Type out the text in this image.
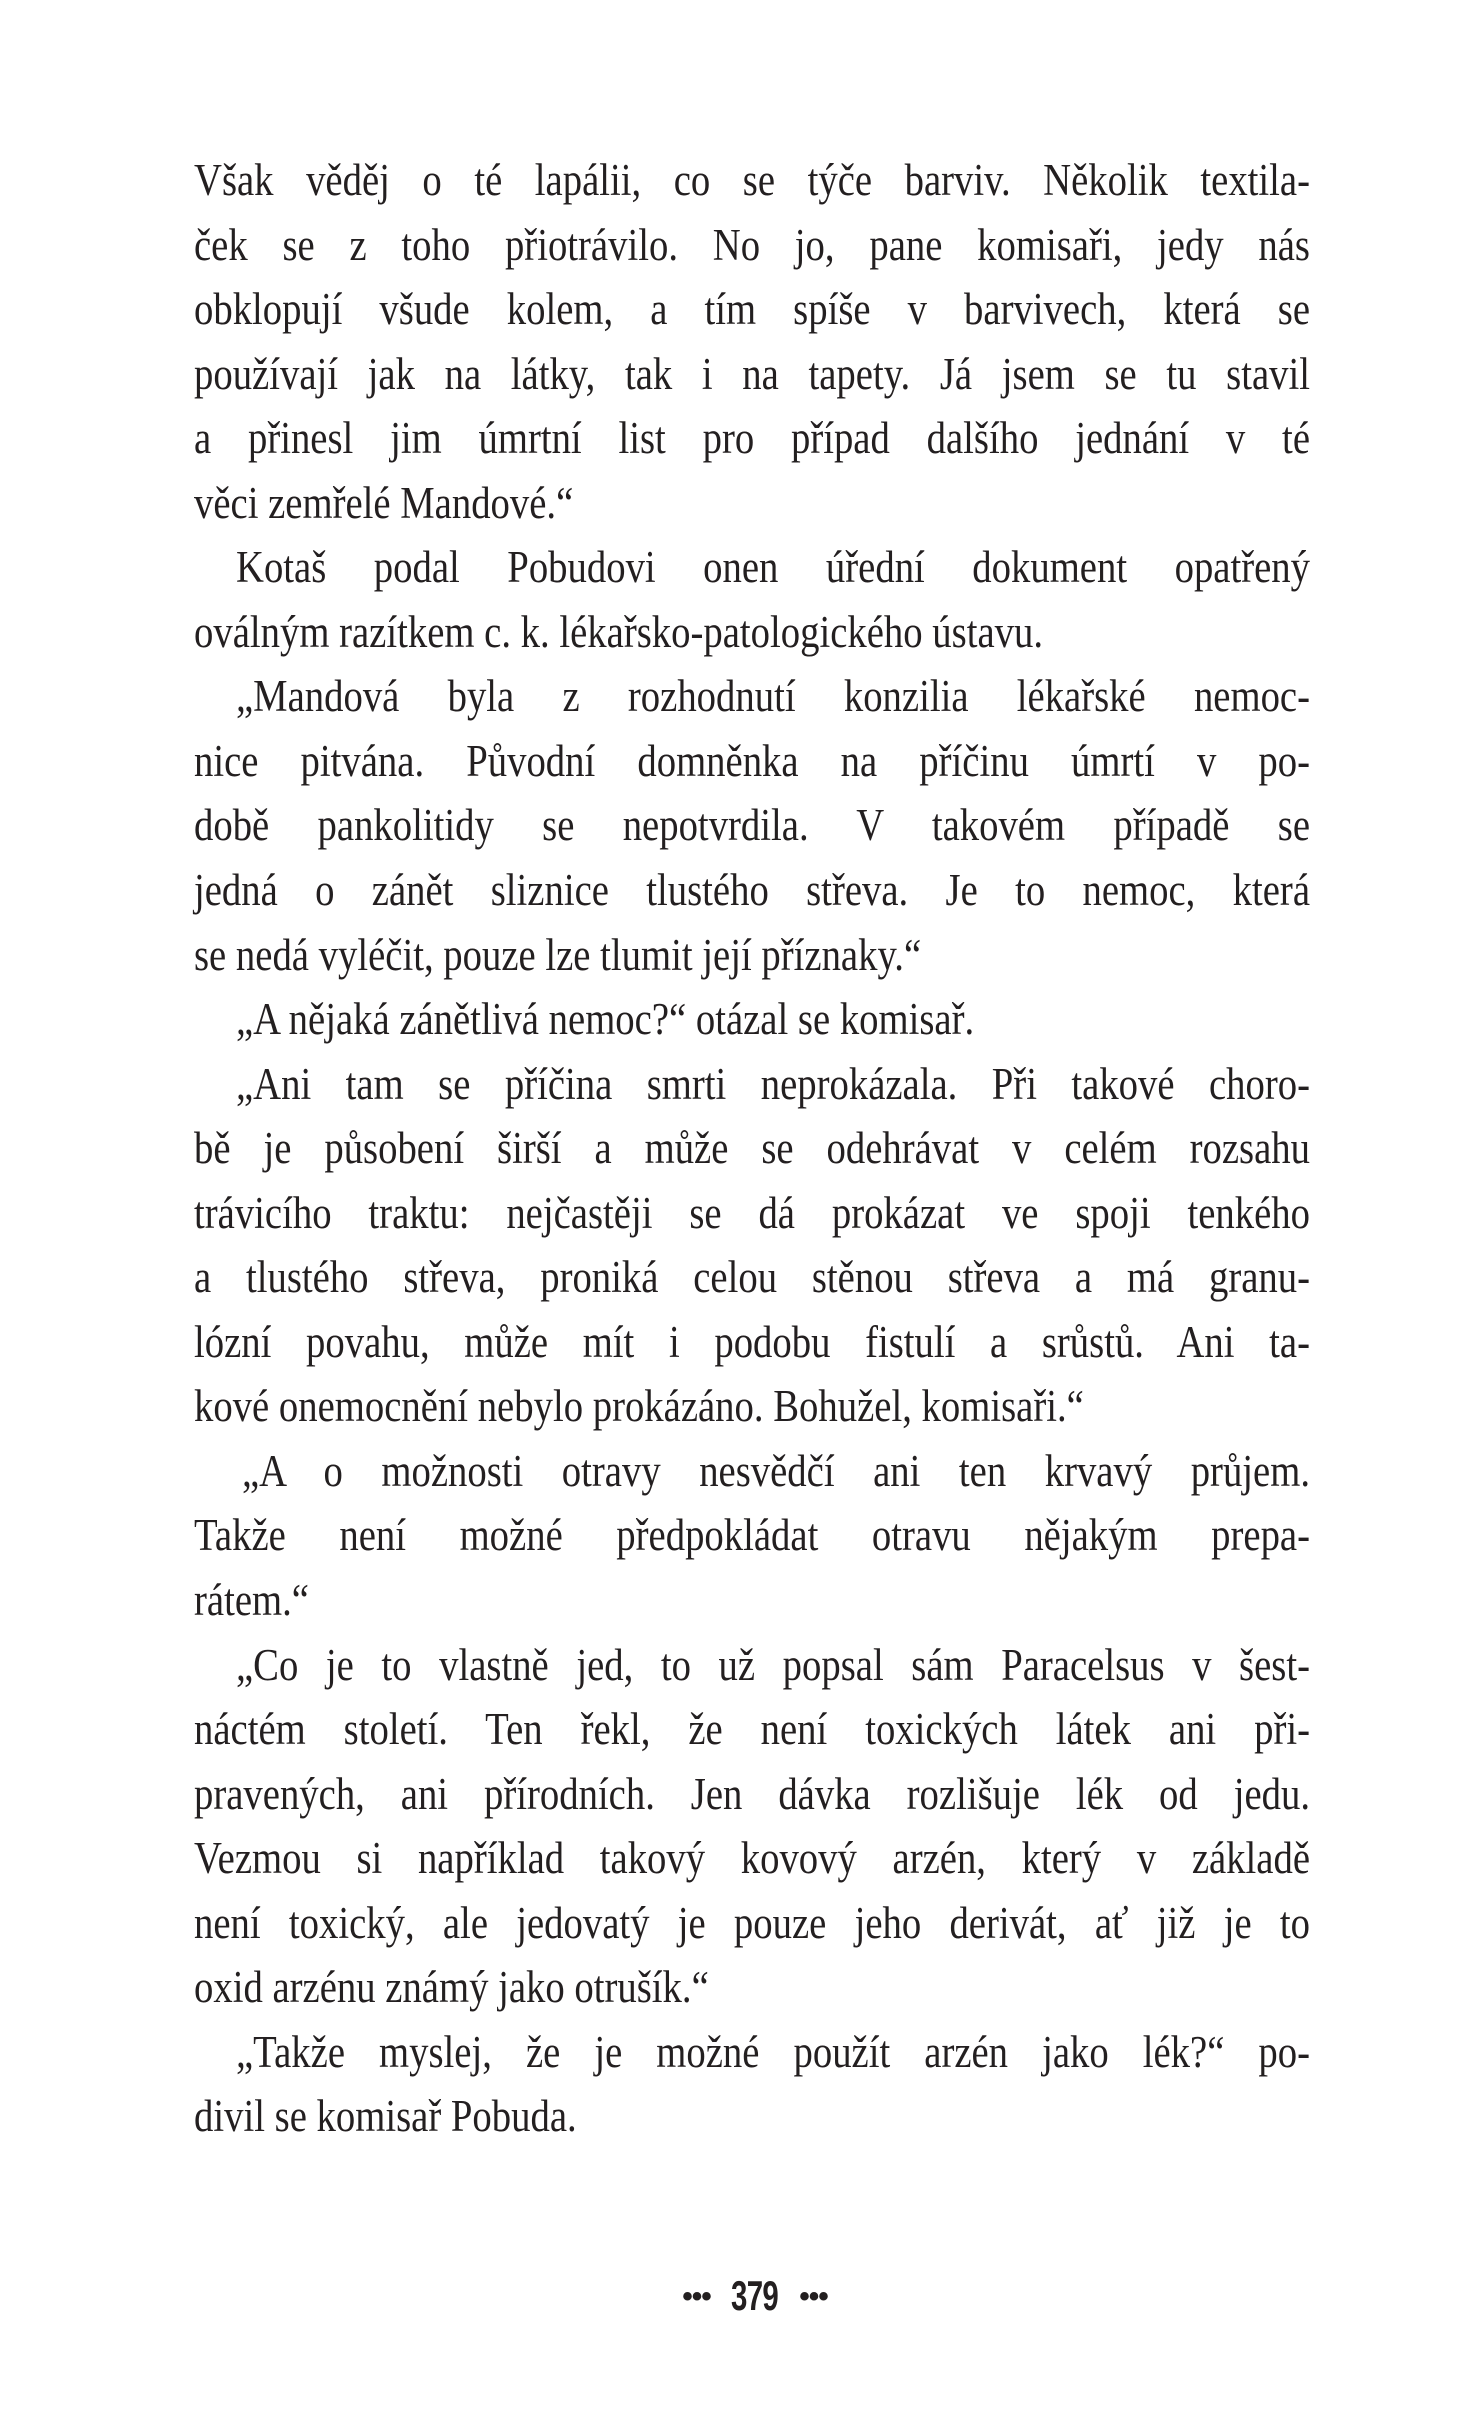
Však věděj o té lapálii, co se týče barviv. Několik textila-
ček se z toho přiotrávilo. No jo, pane komisaři, jedy nás
obklopují všude kolem, a tím spíše v barvivech, která se
používají jak na látky, tak i na tapety. Já jsem se tu stavil
a přinesl jim úmrtní list pro případ dalšího jednání v té
věci zemřelé Mandové.“
Kotaš podal Pobudovi onen úřední dokument opatřený
oválným razítkem c. k. lékařsko-patologického ústavu.
„Mandová byla z rozhodnutí konzilia lékařské nemoc-
nice pitvána. Původní domněnka na příčinu úmrtí v po-
době pankolitidy se nepotvrdila. V takovém případě se
jedná o zánět sliznice tlustého střeva. Je to nemoc, která
se nedá vyléčit, pouze lze tlumit její příznaky.“
„A nějaká zánětlivá nemoc?“ otázal se komisař.
„Ani tam se příčina smrti neprokázala. Při takové choro-
bě je působení širší a může se odehrávat v celém rozsahu
trávicího traktu: nejčastěji se dá prokázat ve spoji tenkého
a tlustého střeva, proniká celou stěnou střeva a má granu-
lózní povahu, může mít i podobu fistulí a srůstů. Ani ta-
kové onemocnění nebylo prokázáno. Bohužel, komisaři.“
„A o možnosti otravy nesvědčí ani ten krvavý průjem.
Takže není možné předpokládat otravu nějakým prepa-
rátem.“
„Co je to vlastně jed, to už popsal sám Paracelsus v šest-
náctém století. Ten řekl, že není toxických látek ani při-
pravených, ani přírodních. Jen dávka rozlišuje lék od jedu.
Vezmou si například takový kovový arzén, který v základě
není toxický, ale jedovatý je pouze jeho derivát, ať již je to
oxid arzénu známý jako otrušík.“
„Takže myslej, že je možné použít arzén jako lék?“ po-
divil se komisař Pobuda.
••• 379 •••
